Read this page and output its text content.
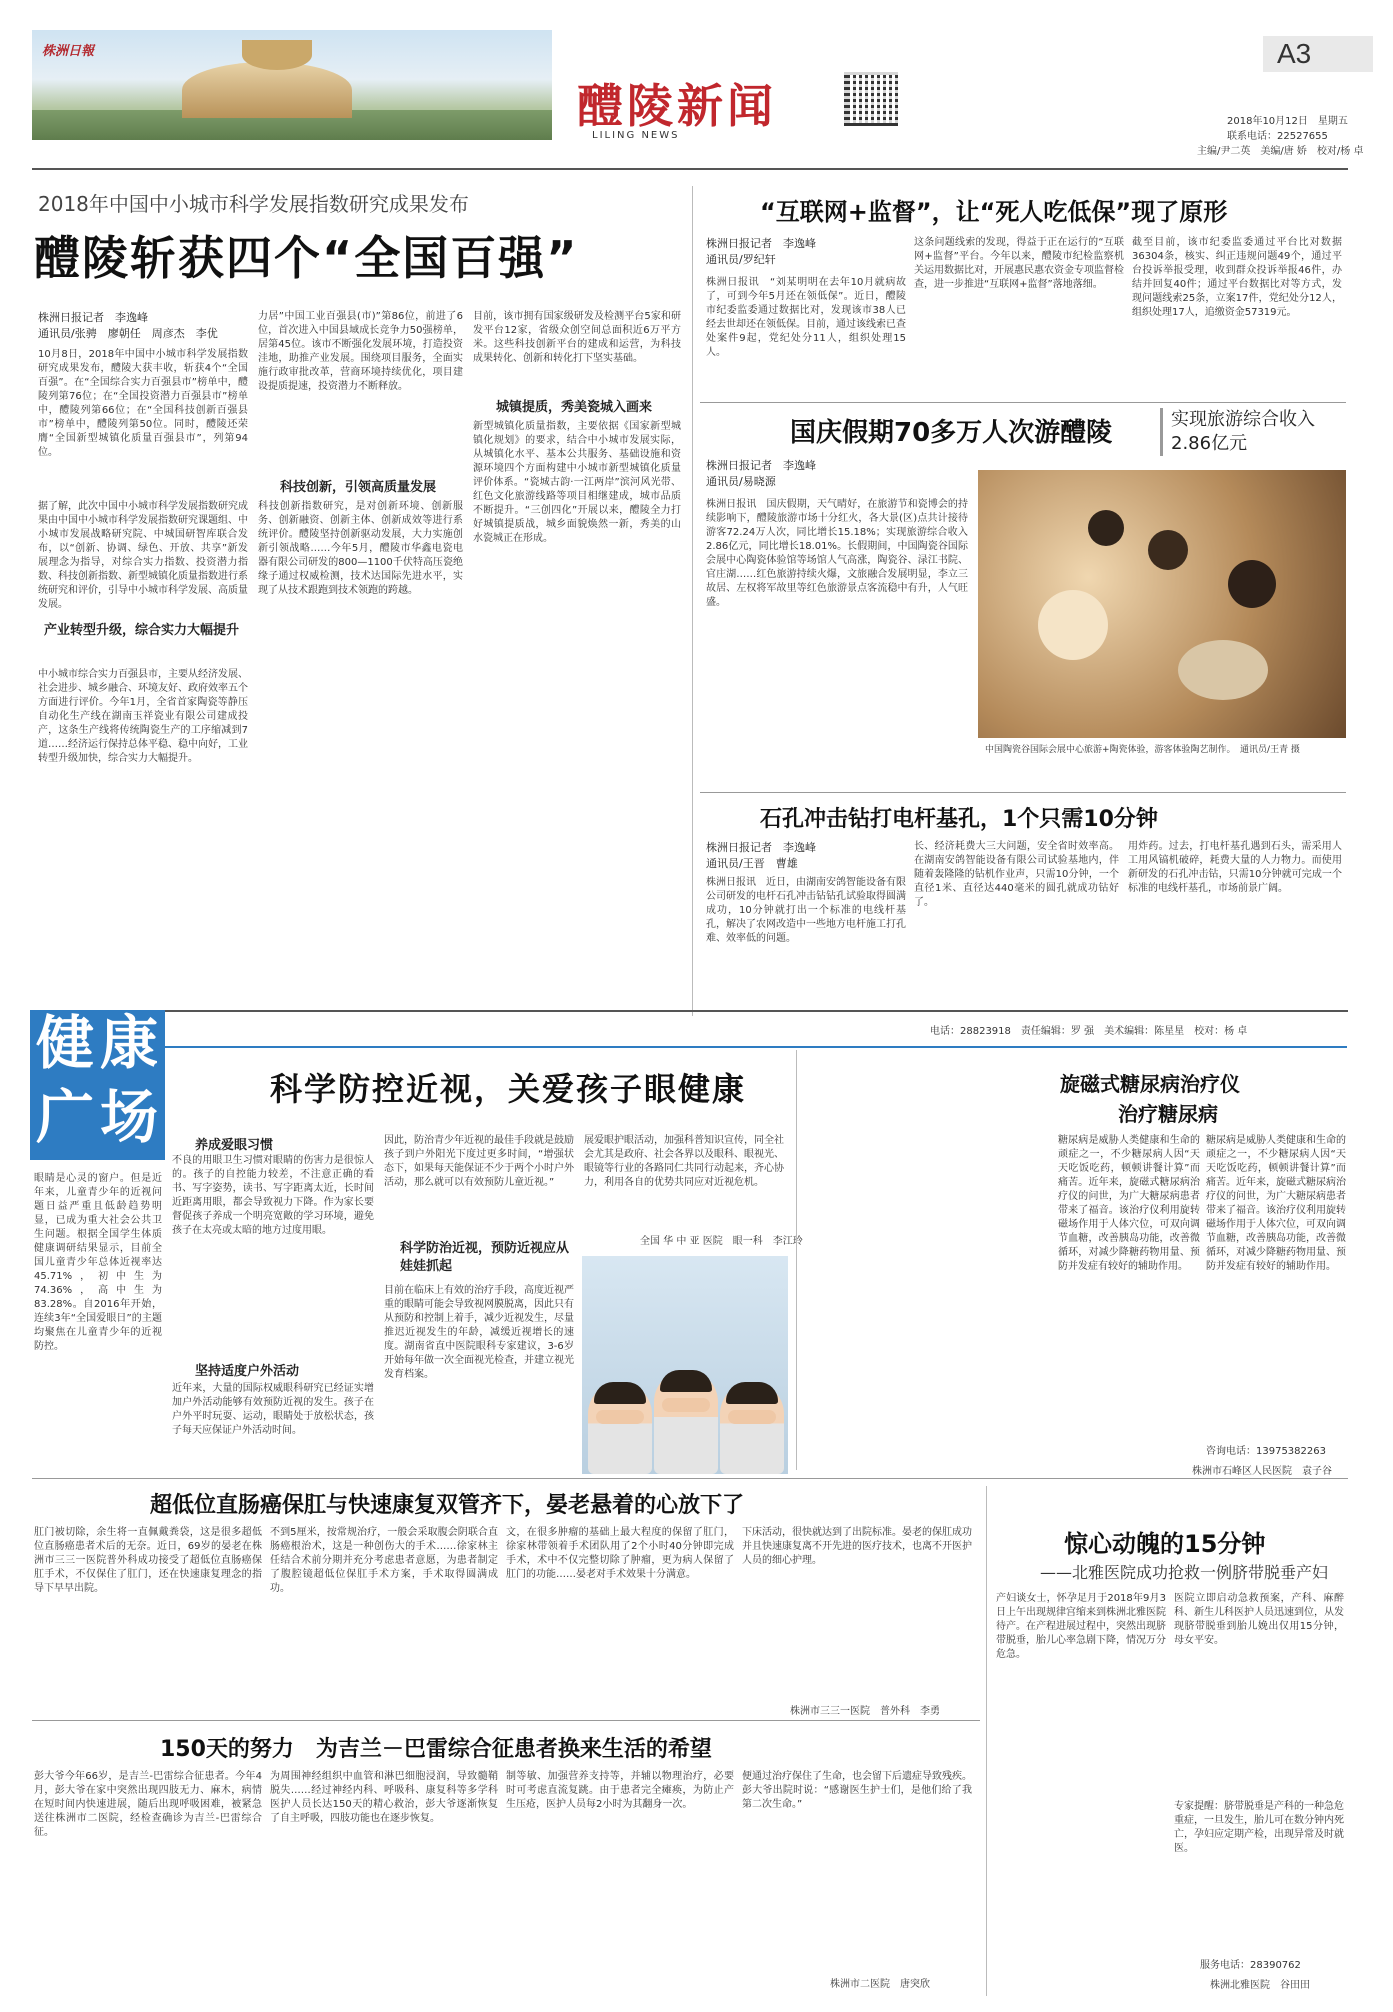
株洲日報
醴陵新闻
LILING NEWS
A3
2018年10月12日　星期五
联系电话：22527655
主编/尹二英　美编/唐 娇　校对/杨 卓
2018年中国中小城市科学发展指数研究成果发布
醴陵斩获四个“全国百强”
株洲日报记者　李逸峰
通讯员/张骋　廖朝任　周彦杰　李优
10月8日，2018年中国中小城市科学发展指数研究成果发布，醴陵大获丰收，斩获4个“全国百强”。在“全国综合实力百强县市”榜单中，醴陵列第76位；在“全国投资潜力百强县市”榜单中，醴陵列第66位；在“全国科技创新百强县市”榜单中，醴陵列第50位。同时，醴陵还荣膺“全国新型城镇化质量百强县市”，列第94位。
据了解，此次中国中小城市科学发展指数研究成果由中国中小城市科学发展指数研究课题组、中小城市发展战略研究院、中城国研智库联合发布，以“创新、协调、绿色、开放、共享”新发展理念为指导，对综合实力指数、投资潜力指数、科技创新指数、新型城镇化质量指数进行系统研究和评价，引导中小城市科学发展、高质量发展。
产业转型升级，综合实力大幅提升
中小城市综合实力百强县市，主要从经济发展、社会进步、城乡融合、环境友好、政府效率五个方面进行评价。今年1月，全省首家陶瓷等静压自动化生产线在湖南玉祥瓷业有限公司建成投产，这条生产线将传统陶瓷生产的工序缩减到7道……经济运行保持总体平稳、稳中向好，工业转型升级加快，综合实力大幅提升。
力居”中国工业百强县(市)”第86位，前进了6位，首次进入中国县域成长竞争力50强榜单，居第45位。该市不断强化发展环境，打造投资洼地，助推产业发展。围绕项目服务，全面实施行政审批改革，营商环境持续优化，项目建设提质提速，投资潜力不断释放。
科技创新，引领高质量发展
科技创新指数研究，是对创新环境、创新服务、创新融资、创新主体、创新成效等进行系统评价。醴陵坚持创新驱动发展，大力实施创新引领战略……今年5月，醴陵市华鑫电瓷电器有限公司研发的800—1100千伏特高压瓷绝缘子通过权威检测，技术达国际先进水平，实现了从技术跟跑到技术领跑的跨越。
目前，该市拥有国家级研发及检测平台5家和研发平台12家，省级众创空间总面积近6万平方米。这些科技创新平台的建成和运营，为科技成果转化、创新和转化打下坚实基础。
城镇提质，秀美瓷城入画来
新型城镇化质量指数，主要依据《国家新型城镇化规划》的要求，结合中小城市发展实际，从城镇化水平、基本公共服务、基础设施和资源环境四个方面构建中小城市新型城镇化质量评价体系。“瓷城古韵·一江两岸”滨河风光带、红色文化旅游线路等项目相继建成，城市品质不断提升。“三创四化”开展以来，醴陵全力打好城镇提质战，城乡面貌焕然一新，秀美的山水瓷城正在形成。
“互联网+监督”，让“死人吃低保”现了原形
株洲日报记者　李逸峰
通讯员/罗纪轩
株洲日报讯　“刘某明明在去年10月就病故了，可到今年5月还在领低保”。近日，醴陵市纪委监委通过数据比对，发现该市38人已经去世却还在领低保。目前，通过该线索已查处案件9起，党纪处分11人，组织处理15人。
这条问题线索的发现，得益于正在运行的“互联网+监督”平台。今年以来，醴陵市纪检监察机关运用数据比对，开展惠民惠农资金专项监督检查，进一步推进“互联网+监督”落地落细。
截至目前，该市纪委监委通过平台比对数据36304条，核实、纠正违规问题49个，通过平台投诉举报受理，收到群众投诉举报46件，办结并回复40件；通过平台数据比对等方式，发现问题线索25条，立案17件，党纪处分12人，组织处理17人，追缴资金57319元。
国庆假期70多万人次游醴陵	实现旅游综合收入2.86亿元
株洲日报记者　李逸峰
通讯员/易晓源
株洲日报讯　国庆假期，天气晴好，在旅游节和瓷博会的持续影响下，醴陵旅游市场十分红火，各大景(区)点共计接待游客72.24万人次，同比增长15.18%；实现旅游综合收入2.86亿元，同比增长18.01%。长假期间，中国陶瓷谷国际会展中心陶瓷体验馆等场馆人气高涨，陶瓷谷、渌江书院、官庄湖……红色旅游持续火爆，文旅融合发展明显，李立三故居、左权将军故里等红色旅游景点客流稳中有升，人气旺盛。
中国陶瓷谷国际会展中心旅游+陶瓷体验，游客体验陶艺制作。　通讯员/王青 摄
石孔冲击钻打电杆基孔，1个只需10分钟
株洲日报记者　李逸峰
通讯员/王晋　曹雄
株洲日报讯　近日，由湖南安鸽智能设备有限公司研发的电杆石孔冲击钻钻孔试验取得圆满成功，10分钟就打出一个标准的电线杆基孔，解决了农网改造中一些地方电杆施工打孔难、效率低的问题。
长、经济耗费大三大问题，安全省时效率高。在湖南安鸽智能设备有限公司试验基地内，伴随着轰隆隆的钻机作业声，只需10分钟，一个直径1米、直径达440毫米的圆孔就成功钻好了。
用炸药。过去，打电杆基孔遇到石头，需采用人工用风镐机破碎，耗费大量的人力物力。而使用新研发的石孔冲击钻，只需10分钟就可完成一个标准的电线杆基孔，市场前景广阔。
电话：28823918　责任编辑：罗 强　美术编辑：陈星星　校对：杨 卓
健 康
广 场	科学防控近视，关爱孩子眼健康
眼睛是心灵的窗户。但是近年来，儿童青少年的近视问题日益严重且低龄趋势明显，已成为重大社会公共卫生问题。根据全国学生体质健康调研结果显示，目前全国儿童青少年总体近视率达45.71%，初中生为74.36%，高中生为83.28%。自2016年开始，连续3年“全国爱眼日”的主题均聚焦在儿童青少年的近视防控。
养成爱眼习惯
不良的用眼卫生习惯对眼睛的伤害力是很惊人的。孩子的自控能力较差，不注意正确的看书、写字姿势，读书、写字距离太近，长时间近距离用眼，都会导致视力下降。作为家长要督促孩子养成一个明亮宽敞的学习环境，避免孩子在太亮或太暗的地方过度用眼。
坚持适度户外活动
近年来，大量的国际权威眼科研究已经证实增加户外活动能够有效预防近视的发生。孩子在户外平时玩耍、运动，眼睛处于放松状态，孩子每天应保证户外活动时间。
因此，防治青少年近视的最佳手段就是鼓励孩子到户外阳光下度过更多时间，“增强状态下，如果每天能保证不少于两个小时户外活动，那么就可以有效预防儿童近视。”
科学防治近视，预防近视应从娃娃抓起
目前在临床上有效的治疗手段，高度近视严重的眼睛可能会导致视网膜脱离，因此只有从预防和控制上着手，减少近视发生，尽量推迟近视发生的年龄，减缓近视增长的速度。湖南省直中医院眼科专家建议，3-6岁开始每年做一次全面视光检查，并建立视光发育档案。
展爱眼护眼活动，加强科普知识宣传，同全社会尤其是政府、社会各界以及眼科、眼视光、眼镜等行业的各路同仁共同行动起来，齐心协力，利用各自的优势共同应对近视危机。
全国 华 中 亚 医院　眼一科　李江玲
旋磁式糖尿病治疗仪
治疗糖尿病
糖尿病是威胁人类健康和生命的顽症之一，不少糖尿病人因“天天吃饭吃药，顿顿讲餐计算”而痛苦。近年来，旋磁式糖尿病治疗仪的问世，为广大糖尿病患者带来了福音。该治疗仪利用旋转磁场作用于人体穴位，可双向调节血糖，改善胰岛功能，改善微循环，对减少降糖药物用量、预防并发症有较好的辅助作用。
糖尿病是威胁人类健康和生命的顽症之一，不少糖尿病人因“天天吃饭吃药，顿顿讲餐计算”而痛苦。近年来，旋磁式糖尿病治疗仪的问世，为广大糖尿病患者带来了福音。该治疗仪利用旋转磁场作用于人体穴位，可双向调节血糖，改善胰岛功能，改善微循环，对减少降糖药物用量、预防并发症有较好的辅助作用。
咨询电话：13975382263
株洲市石峰区人民医院　袁子谷
超低位直肠癌保肛与快速康复双管齐下，晏老悬着的心放下了
肛门被切除，余生将一直佩戴粪袋，这是很多超低位直肠癌患者术后的无奈。近日，69岁的晏老在株洲市三三一医院普外科成功接受了超低位直肠癌保肛手术，不仅保住了肛门，还在快速康复理念的指导下早早出院。
不到5厘米，按常规治疗，一般会采取腹会阴联合直肠癌根治术，这是一种创伤大的手术……徐家林主任结合术前分期并充分考虑患者意愿，为患者制定了腹腔镜超低位保肛手术方案，手术取得圆满成功。
文，在很多肿瘤的基础上最大程度的保留了肛门，徐家林带领着手术团队用了2个小时40分钟即完成手术，术中不仅完整切除了肿瘤，更为病人保留了肛门的功能……晏老对手术效果十分满意。
下床活动，很快就达到了出院标准。晏老的保肛成功并且快速康复离不开先进的医疗技术，也离不开医护人员的细心护理。
株洲市三三一医院　普外科　李勇
150天的努力　为吉兰－巴雷综合征患者换来生活的希望
彭大爷今年66岁，是吉兰-巴雷综合征患者。今年4月，彭大爷在家中突然出现四肢无力、麻木，病情在短时间内快速进展，随后出现呼吸困难，被紧急送往株洲市二医院，经检查确诊为吉兰-巴雷综合征。
为周围神经组织中血管和淋巴细胞浸润，导致髓鞘脱失……经过神经内科、呼吸科、康复科等多学科医护人员长达150天的精心救治，彭大爷逐渐恢复了自主呼吸，四肢功能也在逐步恢复。
制等敏、加强营养支持等，并辅以物理治疗，必要时可考虑直流复跳。由于患者完全瘫痪，为防止产生压疮，医护人员每2小时为其翻身一次。
便通过治疗保住了生命，也会留下后遗症导致残疾。彭大爷出院时说：“感谢医生护士们，是他们给了我第二次生命。”
株洲市二医院　唐突欣
惊心动魄的15分钟
——北雅医院成功抢救一例脐带脱垂产妇
产妇谈女士，怀孕足月于2018年9月3日上午出现规律宫缩来到株洲北雅医院待产。在产程进展过程中，突然出现脐带脱垂，胎儿心率急剧下降，情况万分危急。
医院立即启动急救预案，产科、麻醉科、新生儿科医护人员迅速到位，从发现脐带脱垂到胎儿娩出仅用15分钟，母女平安。
专家提醒：脐带脱垂是产科的一种急危重症，一旦发生，胎儿可在数分钟内死亡，孕妇应定期产检，出现异常及时就医。
服务电话：28390762
株洲北雅医院　谷田田
